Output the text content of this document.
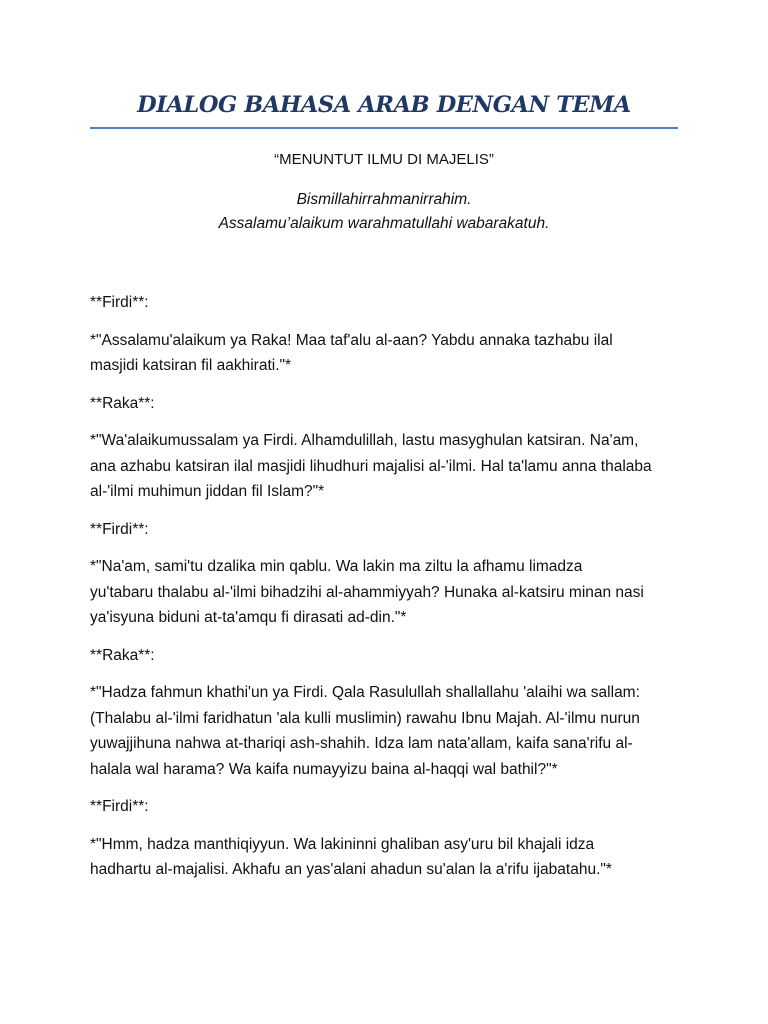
DIALOG BAHASA ARAB DENGAN TEMA
“MENUNTUT ILMU DI MAJELIS”
Bismillahirrahmanirrahim.
Assalamu’alaikum warahmatullahi wabarakatuh.

**Firdi**:

*"Assalamu'alaikum ya Raka! Maa taf'alu al-aan? Yabdu annaka tazhabu ilal
masjidi katsiran fil aakhirati."*

**Raka**:

*"Wa'alaikumussalam ya Firdi. Alhamdulillah, lastu masyghulan katsiran. Na'am,
ana azhabu katsiran ilal masjidi lihudhuri majalisi al-'ilmi. Hal ta'lamu anna thalaba
al-'ilmi muhimun jiddan fil Islam?"*

**Firdi**:

*"Na'am, sami'tu dzalika min qablu. Wa lakin ma ziltu la afhamu limadza
yu'tabaru thalabu al-'ilmi bihadzihi al-ahammiyyah? Hunaka al-katsiru minan nasi
ya'isyuna biduni at-ta'amqu fi dirasati ad-din."*

**Raka**:

*"Hadza fahmun khathi'un ya Firdi. Qala Rasulullah shallallahu 'alaihi wa sallam:
(Thalabu al-'ilmi faridhatun 'ala kulli muslimin) rawahu Ibnu Majah. Al-'ilmu nurun
yuwajjihuna nahwa at-thariqi ash-shahih. Idza lam nata'allam, kaifa sana'rifu al-
halala wal harama? Wa kaifa numayyizu baina al-haqqi wal bathil?"*

**Firdi**:

*"Hmm, hadza manthiqiyyun. Wa lakininni ghaliban asy'uru bil khajali idza
hadhartu al-majalisi. Akhafu an yas'alani ahadun su'alan la a'rifu ijabatahu."*
